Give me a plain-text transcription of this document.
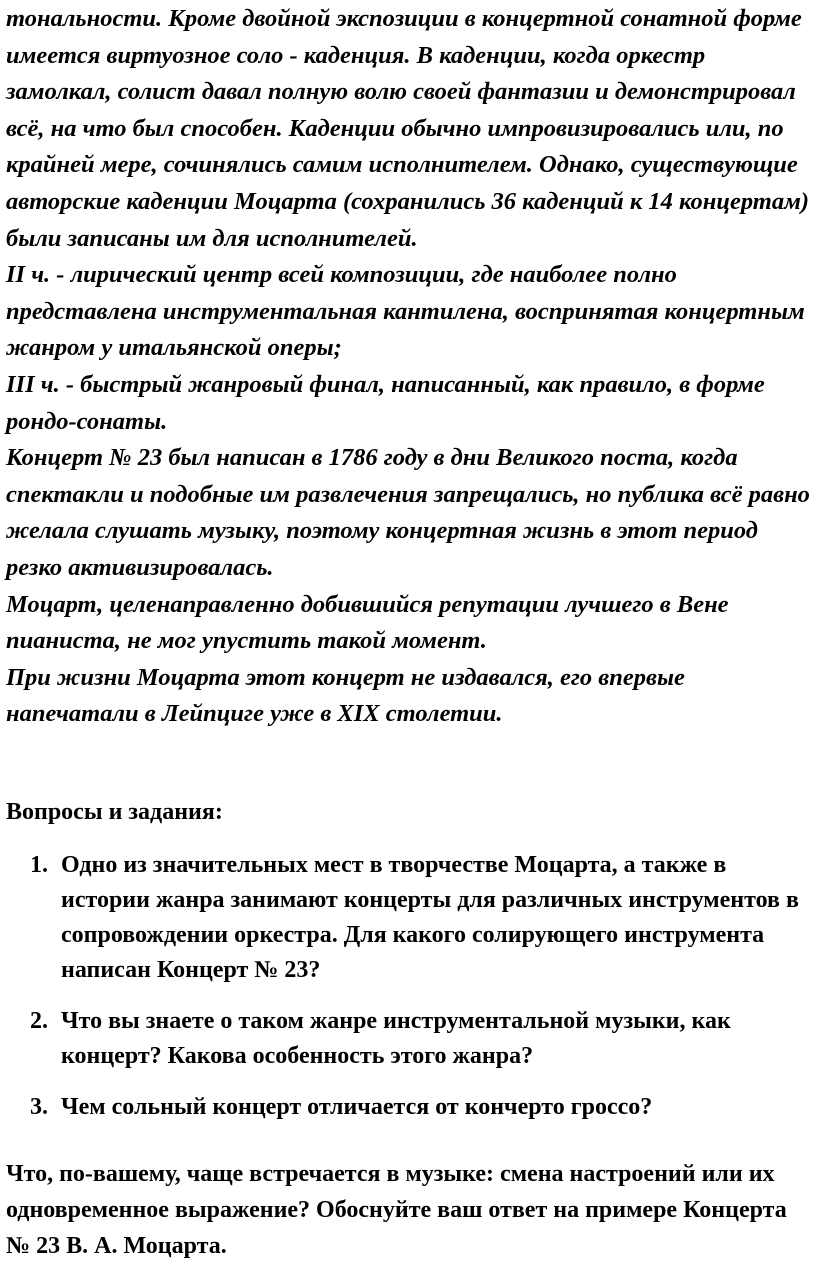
тональности. Кроме двойной экспозиции в концертной сонатной форме имеется виртуозное соло - каденция. В каденции, когда оркестр замолкал, солист давал полную волю своей фантазии и демонстрировал всё, на что был способен. Каденции обычно импровизировались или, по крайней мере, сочинялись самим исполнителем. Однако, существующие авторские каденции Моцарта (сохранились 36 каденций к 14 концертам) были записаны им для исполнителей.

II ч. - лирический центр всей композиции, где наиболее полно представлена инструментальная кантилена, воспринятая концертным жанром у итальянской оперы;

III ч. - быстрый жанровый финал, написанный, как правило, в форме рондо-сонаты.

Концерт № 23 был написан в 1786 году в дни Великого поста, когда спектакли и подобные им развлечения запрещались, но публика всё равно желала слушать музыку, поэтому концертная жизнь в этот период резко активизировалась.

Моцарт, целенаправленно добившийся репутации лучшего в Вене пианиста, не мог упустить такой момент.

При жизни Моцарта этот концерт не издавался, его впервые напечатали в Лейпциге уже в XIX столетии.

Вопросы и задания:

1. Одно из значительных мест в творчестве Моцарта, а также в истории жанра занимают концерты для различных инструментов в сопровождении оркестра. Для какого солирующего инструмента написан Концерт № 23?
2. Что вы знаете о таком жанре инструментальной музыки, как концерт? Какова особенность этого жанра?
3. Чем сольный концерт отличается от кончерто гроссо?

Что, по-вашему, чаще встречается в музыке: смена настроений или их одновременное выражение? Обоснуйте ваш ответ на примере Концерта № 23 В. А. Моцарта.
